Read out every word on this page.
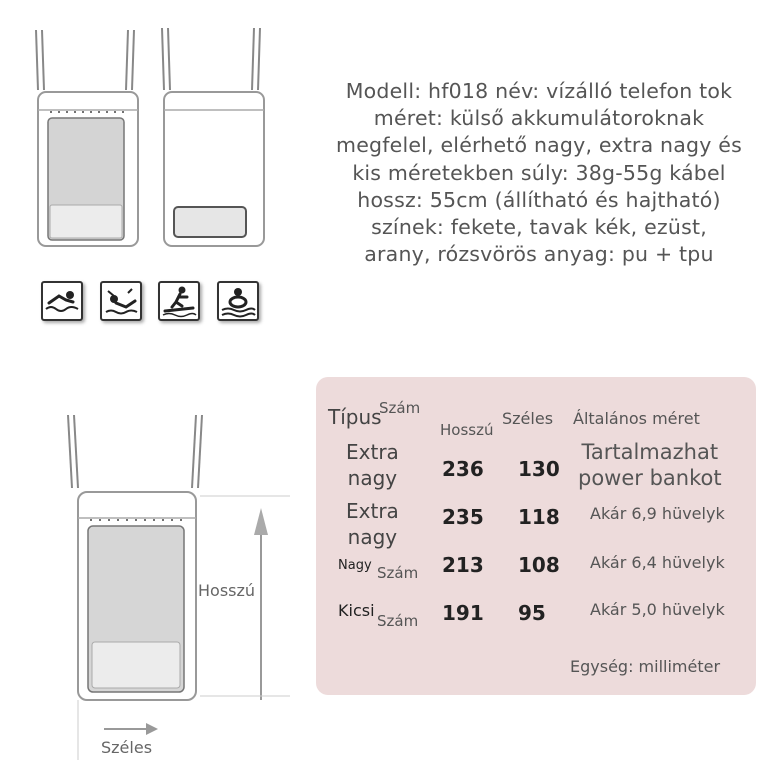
Modell: hf018 név: vízálló telefon tok méret: külső akkumulátoroknak megfelel, elérhető nagy, extra nagy és kis méretekben súly: 38g-55g kábel hossz: 55cm (állítható és hajtható) színek: fekete, tavak kék, ezüst, arany, rózsvörös anyag: pu + tpu
Hosszú
Széles
Típus
Szám
Hosszú
Széles Általános méret
Extra
nagy 236 130
Tartalmazhat
power bankot
Extra
nagy
235 118 Akár 6,9 hüvelyk
Nagy Szám 213 108 Akár 6,4 hüvelyk
Kicsi
Szám 191 95	Akár 5,0 hüvelyk
Egység: milliméter
